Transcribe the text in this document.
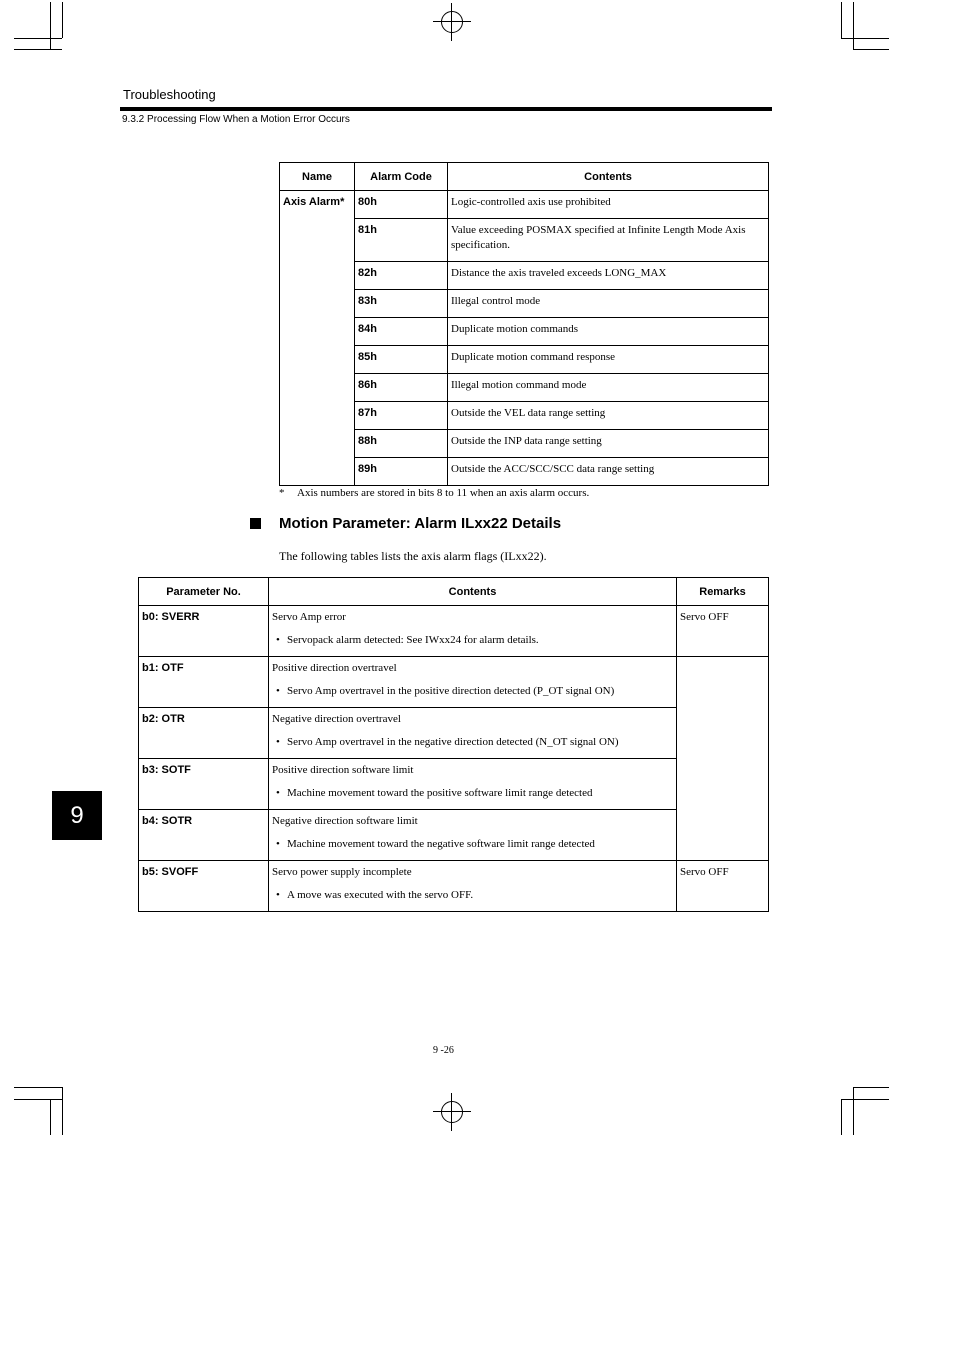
Troubleshooting
9.3.2 Processing Flow When a Motion Error Occurs
Name	Alarm Code	Contents
Axis Alarm*	80h	Logic-controlled axis use prohibited
	81h	Value exceeding POSMAX specified at Infinite Length Mode Axis specification.
	82h	Distance the axis traveled exceeds LONG_MAX
	83h	Illegal control mode
	84h	Duplicate motion commands
	85h	Duplicate motion command response
	86h	Illegal motion command mode
	87h	Outside the VEL data range setting
	88h	Outside the INP data range setting
	89h	Outside the ACC/SCC/SCC data range setting
* Axis numbers are stored in bits 8 to 11 when an axis alarm occurs.
Motion Parameter: Alarm ILxx22 Details
The following tables lists the axis alarm flags (ILxx22).
Parameter No.	Contents	Remarks
b0: SVERR	Servo Amp error
• Servopack alarm detected: See IWxx24 for alarm details.	Servo OFF
b1: OTF	Positive direction overtravel
• Servo Amp overtravel in the positive direction detected (P_OT signal ON)	

b2: OTR	Negative direction overtravel
• Servo Amp overtravel in the negative direction detected (N_OT signal ON)	

b3: SOTF	Positive direction software limit
• Machine movement toward the positive software limit range detected	

b4: SOTR	Negative direction software limit
• Machine movement toward the negative software limit range detected	

b5: SVOFF	Servo power supply incomplete
• A move was executed with the servo OFF.	Servo OFF
9
9 -26
